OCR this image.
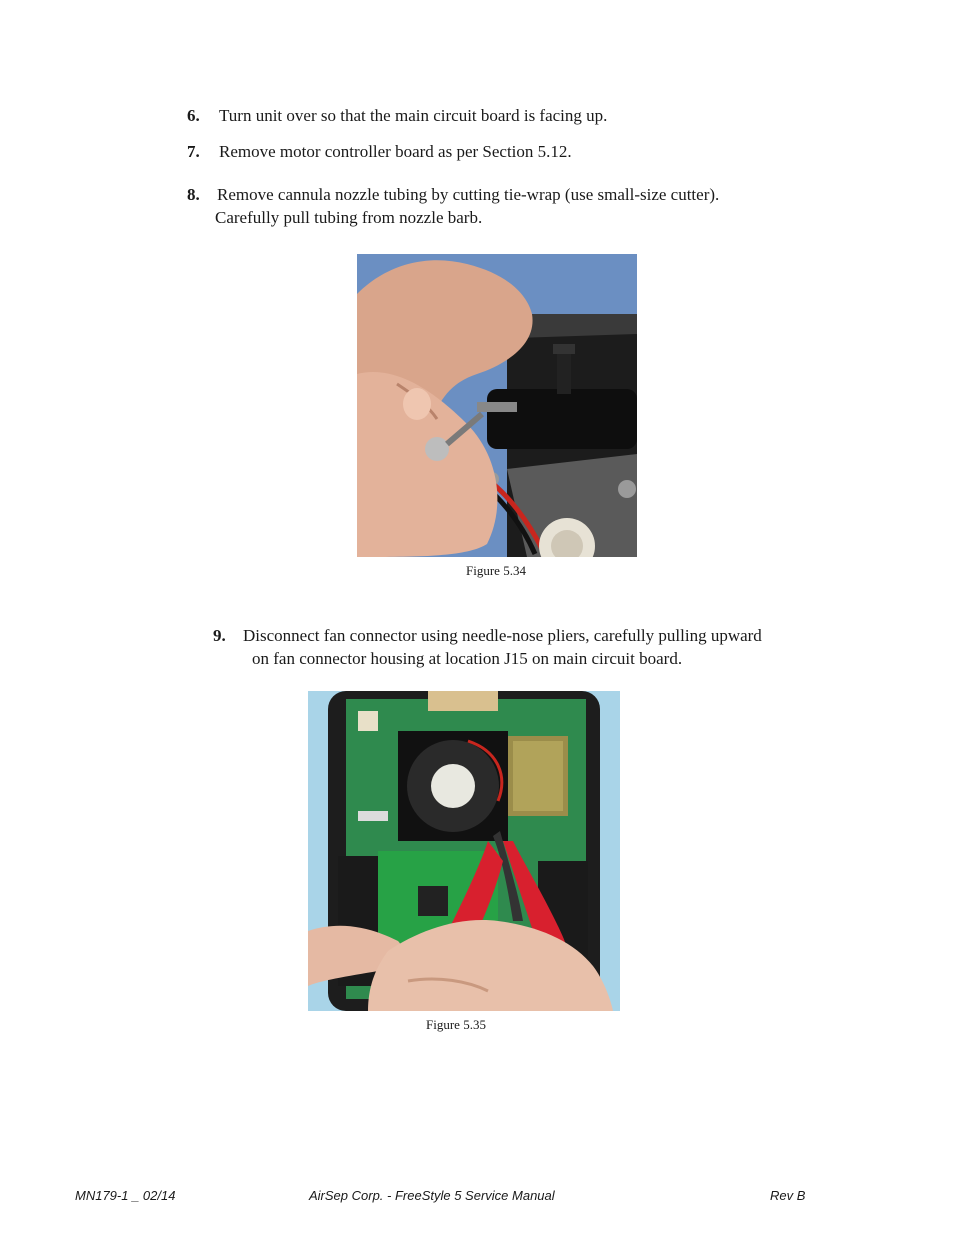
6. Turn unit over so that the main circuit board is facing up.
7. Remove motor controller board as per Section 5.12.
8. Remove cannula nozzle tubing by cutting tie-wrap (use small-size cutter).
Carefully pull tubing from nozzle barb.
Figure 5.34
9. Disconnect fan connector using needle-nose pliers, carefully pulling upward
on fan connector housing at location J15 on main circuit board.
Figure 5.35
MN179-1 _ 02/14	AirSep Corp. - FreeStyle 5 Service Manual	Rev B
